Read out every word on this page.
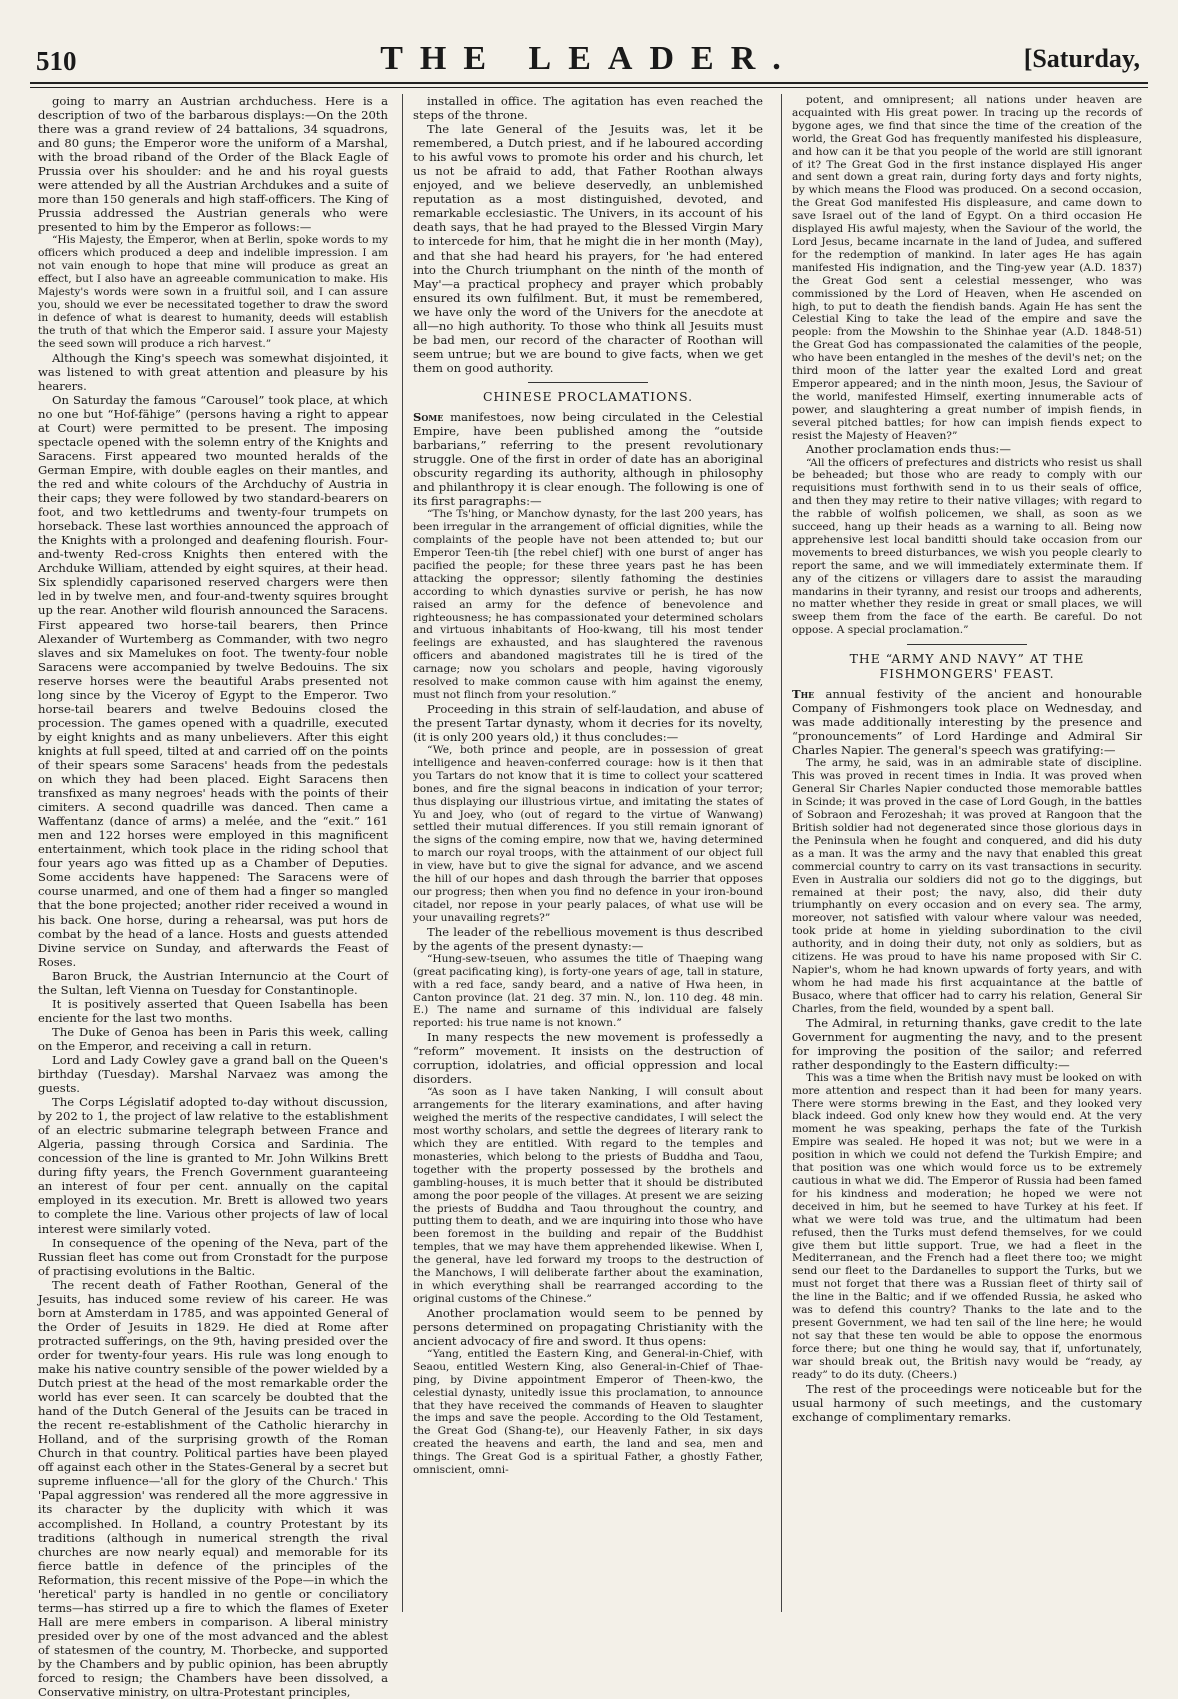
510	THE LEADER.	[Saturday,

going to marry an Austrian archduchess. Here is a description of two of the barbarous displays:—On the 20th there was a grand review of 24 battalions, 34 squadrons, and 80 guns; the Emperor wore the uniform of a Marshal, with the broad riband of the Order of the Black Eagle of Prussia over his shoulder: and he and his royal guests were attended by all the Austrian Archdukes and a suite of more than 150 generals and high staff-officers. The King of Prussia addressed the Austrian generals who were presented to him by the Emperor as follows:—

“His Majesty, the Emperor, when at Berlin, spoke words to my officers which produced a deep and indelible impression. I am not vain enough to hope that mine will produce as great an effect, but I also have an agreeable communication to make. His Majesty's words were sown in a fruitful soil, and I can assure you, should we ever be necessitated together to draw the sword in defence of what is dearest to humanity, deeds will establish the truth of that which the Emperor said. I assure your Majesty the seed sown will produce a rich harvest.”

Although the King's speech was somewhat disjointed, it was listened to with great attention and pleasure by his hearers.

On Saturday the famous “Carousel” took place, at which no one but “Hof-fähige” (persons having a right to appear at Court) were permitted to be present. The imposing spectacle opened with the solemn entry of the Knights and Saracens. First appeared two mounted heralds of the German Empire, with double eagles on their mantles, and the red and white colours of the Archduchy of Austria in their caps; they were followed by two standard-bearers on foot, and two kettledrums and twenty-four trumpets on horseback. These last worthies announced the approach of the Knights with a prolonged and deafening flourish. Four-and-twenty Red-cross Knights then entered with the Archduke William, attended by eight squires, at their head. Six splendidly caparisoned reserved chargers were then led in by twelve men, and four-and-twenty squires brought up the rear. Another wild flourish announced the Saracens. First appeared two horse-tail bearers, then Prince Alexander of Wurtemberg as Commander, with two negro slaves and six Mamelukes on foot. The twenty-four noble Saracens were accompanied by twelve Bedouins. The six reserve horses were the beautiful Arabs presented not long since by the Viceroy of Egypt to the Emperor. Two horse-tail bearers and twelve Bedouins closed the procession. The games opened with a quadrille, executed by eight knights and as many unbelievers. After this eight knights at full speed, tilted at and carried off on the points of their spears some Saracens' heads from the pedestals on which they had been placed. Eight Saracens then transfixed as many negroes' heads with the points of their cimiters. A second quadrille was danced. Then came a Waffentanz (dance of arms) a melée, and the “exit.” 161 men and 122 horses were employed in this magnificent entertainment, which took place in the riding school that four years ago was fitted up as a Chamber of Deputies. Some accidents have happened: The Saracens were of course unarmed, and one of them had a finger so mangled that the bone projected; another rider received a wound in his back. One horse, during a rehearsal, was put hors de combat by the head of a lance. Hosts and guests attended Divine service on Sunday, and afterwards the Feast of Roses.

Baron Bruck, the Austrian Internuncio at the Court of the Sultan, left Vienna on Tuesday for Constantinople.

It is positively asserted that Queen Isabella has been enciente for the last two months.

The Duke of Genoa has been in Paris this week, calling on the Emperor, and receiving a call in return.

Lord and Lady Cowley gave a grand ball on the Queen's birthday (Tuesday). Marshal Narvaez was among the guests.

The Corps Législatif adopted to-day without discussion, by 202 to 1, the project of law relative to the establishment of an electric submarine telegraph between France and Algeria, passing through Corsica and Sardinia. The concession of the line is granted to Mr. John Wilkins Brett during fifty years, the French Government guaranteeing an interest of four per cent. annually on the capital employed in its execution. Mr. Brett is allowed two years to complete the line. Various other projects of law of local interest were similarly voted.

In consequence of the opening of the Neva, part of the Russian fleet has come out from Cronstadt for the purpose of practising evolutions in the Baltic.

The recent death of Father Roothan, General of the Jesuits, has induced some review of his career. He was born at Amsterdam in 1785, and was appointed General of the Order of Jesuits in 1829. He died at Rome after protracted sufferings, on the 9th, having presided over the order for twenty-four years. His rule was long enough to make his native country sensible of the power wielded by a Dutch priest at the head of the most remarkable order the world has ever seen. It can scarcely be doubted that the hand of the Dutch General of the Jesuits can be traced in the recent re-establishment of the Catholic hierarchy in Holland, and of the surprising growth of the Roman Church in that country. Political parties have been played off against each other in the States-General by a secret but supreme influence—'all for the glory of the Church.' This 'Papal aggression' was rendered all the more aggressive in its character by the duplicity with which it was accomplished. In Holland, a country Protestant by its traditions (although in numerical strength the rival churches are now nearly equal) and memorable for its fierce battle in defence of the principles of the Reformation, this recent missive of the Pope—in which the 'heretical' party is handled in no gentle or conciliatory terms—has stirred up a fire to which the flames of Exeter Hall are mere embers in comparison. A liberal ministry presided over by one of the most advanced and the ablest of statesmen of the country, M. Thorbecke, and supported by the Chambers and by public opinion, has been abruptly forced to resign; the Chambers have been dissolved, a Conservative ministry, on ultra-Protestant principles,

installed in office. The agitation has even reached the steps of the throne.

The late General of the Jesuits was, let it be remembered, a Dutch priest, and if he laboured according to his awful vows to promote his order and his church, let us not be afraid to add, that Father Roothan always enjoyed, and we believe deservedly, an unblemished reputation as a most distinguished, devoted, and remarkable ecclesiastic. The Univers, in its account of his death says, that he had prayed to the Blessed Virgin Mary to intercede for him, that he might die in her month (May), and that she had heard his prayers, for 'he had entered into the Church triumphant on the ninth of the month of May'—a practical prophecy and prayer which probably ensured its own fulfilment. But, it must be remembered, we have only the word of the Univers for the anecdote at all—no high authority. To those who think all Jesuits must be bad men, our record of the character of Roothan will seem untrue; but we are bound to give facts, when we get them on good authority.

CHINESE PROCLAMATIONS.

Some manifestoes, now being circulated in the Celestial Empire, have been published among the “outside barbarians,” referring to the present revolutionary struggle. One of the first in order of date has an aboriginal obscurity regarding its authority, although in philosophy and philanthropy it is clear enough. The following is one of its first paragraphs:—

“The Ts'hing, or Manchow dynasty, for the last 200 years, has been irregular in the arrangement of official dignities, while the complaints of the people have not been attended to; but our Emperor Teen-tih [the rebel chief] with one burst of anger has pacified the people; for these three years past he has been attacking the oppressor; silently fathoming the destinies according to which dynasties survive or perish, he has now raised an army for the defence of benevolence and righteousness; he has compassionated your determined scholars and virtuous inhabitants of Hoo-kwang, till his most tender feelings are exhausted, and has slaughtered the ravenous officers and abandoned magistrates till he is tired of the carnage; now you scholars and people, having vigorously resolved to make common cause with him against the enemy, must not flinch from your resolution.”

Proceeding in this strain of self-laudation, and abuse of the present Tartar dynasty, whom it decries for its novelty, (it is only 200 years old,) it thus concludes:—

“We, both prince and people, are in possession of great intelligence and heaven-conferred courage: how is it then that you Tartars do not know that it is time to collect your scattered bones, and fire the signal beacons in indication of your terror; thus displaying our illustrious virtue, and imitating the states of Yu and Joey, who (out of regard to the virtue of Wanwang) settled their mutual differences. If you still remain ignorant of the signs of the coming empire, now that we, having determined to march our royal troops, with the attainment of our object full in view, have but to give the signal for advance, and we ascend the hill of our hopes and dash through the barrier that opposes our progress; then when you find no defence in your iron-bound citadel, nor repose in your pearly palaces, of what use will be your unavailing regrets?”

The leader of the rebellious movement is thus described by the agents of the present dynasty:—

“Hung-sew-tseuen, who assumes the title of Thaeping wang (great pacificating king), is forty-one years of age, tall in stature, with a red face, sandy beard, and a native of Hwa heen, in Canton province (lat. 21 deg. 37 min. N., lon. 110 deg. 48 min. E.) The name and surname of this individual are falsely reported: his true name is not known.”

In many respects the new movement is professedly a “reform” movement. It insists on the destruction of corruption, idolatries, and official oppression and local disorders.

“As soon as I have taken Nanking, I will consult about arrangements for the literary examinations, and after having weighed the merits of the respective candidates, I will select the most worthy scholars, and settle the degrees of literary rank to which they are entitled. With regard to the temples and monasteries, which belong to the priests of Buddha and Taou, together with the property possessed by the brothels and gambling-houses, it is much better that it should be distributed among the poor people of the villages. At present we are seizing the priests of Buddha and Taou throughout the country, and putting them to death, and we are inquiring into those who have been foremost in the building and repair of the Buddhist temples, that we may have them apprehended likewise. When I, the general, have led forward my troops to the destruction of the Manchows, I will deliberate farther about the examination, in which everything shall be rearranged according to the original customs of the Chinese.”

Another proclamation would seem to be penned by persons determined on propagating Christianity with the ancient advocacy of fire and sword. It thus opens:

“Yang, entitled the Eastern King, and General-in-Chief, with Seaou, entitled Western King, also General-in-Chief of Thae-ping, by Divine appointment Emperor of Theen-kwo, the celestial dynasty, unitedly issue this proclamation, to announce that they have received the commands of Heaven to slaughter the imps and save the people. According to the Old Testament, the Great God (Shang-te), our Heavenly Father, in six days created the heavens and earth, the land and sea, men and things. The Great God is a spiritual Father, a ghostly Father, omniscient, omni-

potent, and omnipresent; all nations under heaven are acquainted with His great power. In tracing up the records of bygone ages, we find that since the time of the creation of the world, the Great God has frequently manifested his displeasure, and how can it be that you people of the world are still ignorant of it? The Great God in the first instance displayed His anger and sent down a great rain, during forty days and forty nights, by which means the Flood was produced. On a second occasion, the Great God manifested His displeasure, and came down to save Israel out of the land of Egypt. On a third occasion He displayed His awful majesty, when the Saviour of the world, the Lord Jesus, became incarnate in the land of Judea, and suffered for the redemption of mankind. In later ages He has again manifested His indignation, and the Ting-yew year (A.D. 1837) the Great God sent a celestial messenger, who was commissioned by the Lord of Heaven, when He ascended on high, to put to death the fiendish bands. Again He has sent the Celestial King to take the lead of the empire and save the people: from the Mowshin to the Shinhae year (A.D. 1848-51) the Great God has compassionated the calamities of the people, who have been entangled in the meshes of the devil's net; on the third moon of the latter year the exalted Lord and great Emperor appeared; and in the ninth moon, Jesus, the Saviour of the world, manifested Himself, exerting innumerable acts of power, and slaughtering a great number of impish fiends, in several pitched battles; for how can impish fiends expect to resist the Majesty of Heaven?”

Another proclamation ends thus:—

“All the officers of prefectures and districts who resist us shall be beheaded; but those who are ready to comply with our requisitions must forthwith send in to us their seals of office, and then they may retire to their native villages; with regard to the rabble of wolfish policemen, we shall, as soon as we succeed, hang up their heads as a warning to all. Being now apprehensive lest local banditti should take occasion from our movements to breed disturbances, we wish you people clearly to report the same, and we will immediately exterminate them. If any of the citizens or villagers dare to assist the marauding mandarins in their tyranny, and resist our troops and adherents, no matter whether they reside in great or small places, we will sweep them from the face of the earth. Be careful. Do not oppose. A special proclamation.”

THE “ARMY AND NAVY” AT THE FISHMONGERS' FEAST.

The annual festivity of the ancient and honourable Company of Fishmongers took place on Wednesday, and was made additionally interesting by the presence and “pronouncements” of Lord Hardinge and Admiral Sir Charles Napier. The general's speech was gratifying:—

The army, he said, was in an admirable state of discipline. This was proved in recent times in India. It was proved when General Sir Charles Napier conducted those memorable battles in Scinde; it was proved in the case of Lord Gough, in the battles of Sobraon and Ferozeshah; it was proved at Rangoon that the British soldier had not degenerated since those glorious days in the Peninsula when he fought and conquered, and did his duty as a man. It was the army and the navy that enabled this great commercial country to carry on its vast transactions in security. Even in Australia our soldiers did not go to the diggings, but remained at their post; the navy, also, did their duty triumphantly on every occasion and on every sea. The army, moreover, not satisfied with valour where valour was needed, took pride at home in yielding subordination to the civil authority, and in doing their duty, not only as soldiers, but as citizens. He was proud to have his name proposed with Sir C. Napier's, whom he had known upwards of forty years, and with whom he had made his first acquaintance at the battle of Busaco, where that officer had to carry his relation, General Sir Charles, from the field, wounded by a spent ball.

The Admiral, in returning thanks, gave credit to the late Government for augmenting the navy, and to the present for improving the position of the sailor; and referred rather despondingly to the Eastern difficulty:—

This was a time when the British navy must be looked on with more attention and respect than it had been for many years. There were storms brewing in the East, and they looked very black indeed. God only knew how they would end. At the very moment he was speaking, perhaps the fate of the Turkish Empire was sealed. He hoped it was not; but we were in a position in which we could not defend the Turkish Empire; and that position was one which would force us to be extremely cautious in what we did. The Emperor of Russia had been famed for his kindness and moderation; he hoped we were not deceived in him, but he seemed to have Turkey at his feet. If what we were told was true, and the ultimatum had been refused, then the Turks must defend themselves, for we could give them but little support. True, we had a fleet in the Mediterranean, and the French had a fleet there too; we might send our fleet to the Dardanelles to support the Turks, but we must not forget that there was a Russian fleet of thirty sail of the line in the Baltic; and if we offended Russia, he asked who was to defend this country? Thanks to the late and to the present Government, we had ten sail of the line here; he would not say that these ten would be able to oppose the enormous force there; but one thing he would say, that if, unfortunately, war should break out, the British navy would be “ready, ay ready” to do its duty. (Cheers.)

The rest of the proceedings were noticeable but for the usual harmony of such meetings, and the customary exchange of complimentary remarks.
